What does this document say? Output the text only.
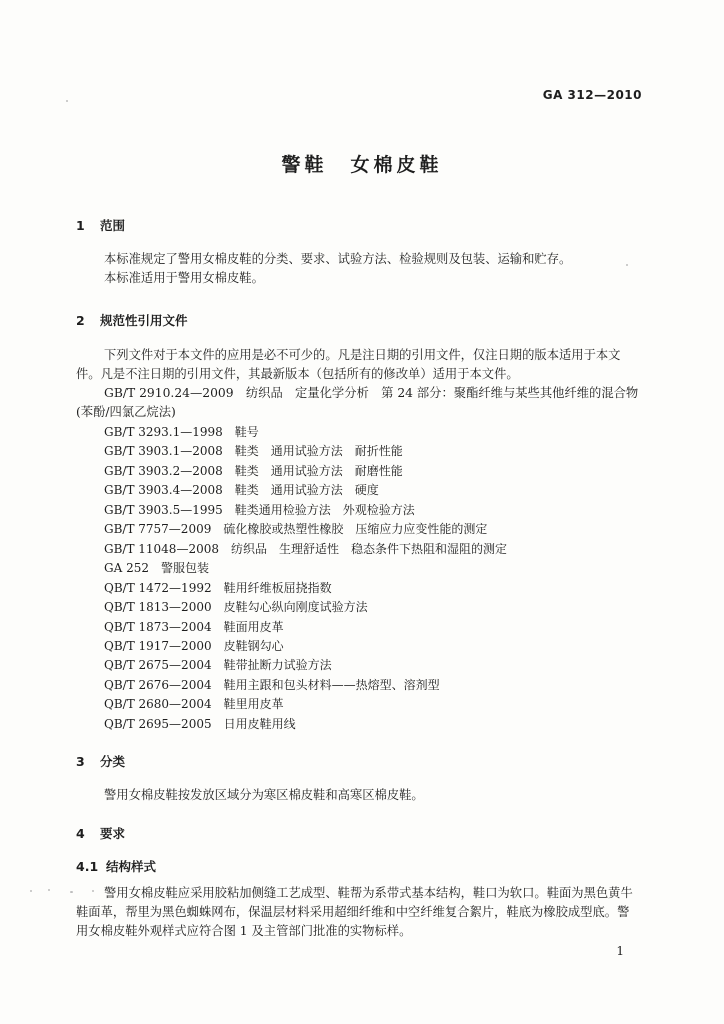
GA 312—2010
警鞋　女棉皮鞋
1 范围
本标准规定了警用女棉皮鞋的分类、要求、试验方法、检验规则及包装、运输和贮存。
本标准适用于警用女棉皮鞋。
2 规范性引用文件
下列文件对于本文件的应用是必不可少的。凡是注日期的引用文件，仅注日期的版本适用于本文
件。凡是不注日期的引用文件，其最新版本（包括所有的修改单）适用于本文件。
GB/T 2910.24—2009　纺织品　定量化学分析　第 24 部分：聚酯纤维与某些其他纤维的混合物
(苯酚/四氯乙烷法)
GB/T 3293.1—1998　鞋号
GB/T 3903.1—2008　鞋类　通用试验方法　耐折性能
GB/T 3903.2—2008　鞋类　通用试验方法　耐磨性能
GB/T 3903.4—2008　鞋类　通用试验方法　硬度
GB/T 3903.5—1995　鞋类通用检验方法　外观检验方法
GB/T 7757—2009　硫化橡胶或热塑性橡胶　压缩应力应变性能的测定
GB/T 11048—2008　纺织品　生理舒适性　稳态条件下热阻和湿阻的测定
GA 252　警服包装
QB/T 1472—1992　鞋用纤维板屈挠指数
QB/T 1813—2000　皮鞋勾心纵向刚度试验方法
QB/T 1873—2004　鞋面用皮革
QB/T 1917—2000　皮鞋钢勾心
QB/T 2675—2004　鞋带扯断力试验方法
QB/T 2676—2004　鞋用主跟和包头材料——热熔型、溶剂型
QB/T 2680—2004　鞋里用皮革
QB/T 2695—2005　日用皮鞋用线
3 分类
警用女棉皮鞋按发放区域分为寒区棉皮鞋和高寒区棉皮鞋。
4 要求
4.1 结构样式
警用女棉皮鞋应采用胶粘加侧缝工艺成型、鞋帮为系带式基本结构，鞋口为软口。鞋面为黑色黄牛
鞋面革，帮里为黑色蜘蛛网布，保温层材料采用超细纤维和中空纤维复合絮片，鞋底为橡胶成型底。警
用女棉皮鞋外观样式应符合图 1 及主管部门批准的实物标样。
1
